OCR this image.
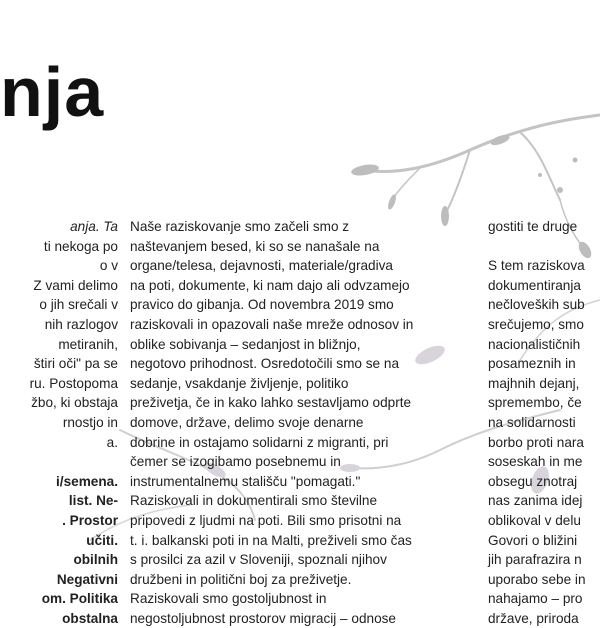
nja
anja. Ta
ti nekoga po
o v
Z vami delimo
o jih srečali v
nih razlogov
metiranih,
štiri oči" pa se
ru. Postopoma
žbo, ki obstaja
rnostjo in
a.
i/semena.
list. Ne-
. Prostor
učiti.
obilnih
Negativni
om. Politika
obstalna
Naše raziskovanje smo začeli smo z
naštevanjem besed, ki so se nanašale na
organe/telesa, dejavnosti, materiale/gradiva
na poti, dokumente, ki nam dajo ali odvzamejo
pravico do gibanja. Od novembra 2019 smo
raziskovali in opazovali naše mreže odnosov in
oblike sobivanja – sedanjost in bližnjo,
negotovo prihodnost. Osredotočili smo se na
sedanje, vsakdanje življenje, politiko
preživetja, če in kako lahko sestavljamo odprte
domove, države, delimo svoje denarne
dobrine in ostajamo solidarni z migranti, pri
čemer se izogibamo posebnemu in
instrumentalnemu stališču "pomagati."
Raziskovali in dokumentirali smo številne
pripovedi z ljudmi na poti. Bili smo prisotni na
t. i. balkanski poti in na Malti, preživeli smo čas
s prosilci za azil v Sloveniji, spoznali njihov
družbeni in politični boj za preživetje.
Raziskovali smo gostoljubnost in
negostoljubnost prostorov migracij – odnose
gostiti te druge
S tem raziskova
dokumentiranja
nečloveških sub
srečujemo, smo
nacionalističnih
posameznih in
majhnih dejanj,
spremembo, če
na solidarnosti
borbo proti nara
soseskah in me
obsegu znotraj
nas zanima idej
oblikoval v delu
Govori o bližini
jih parafrazira n
uporabo sebe in
nahajamo – pro
države, priroda
